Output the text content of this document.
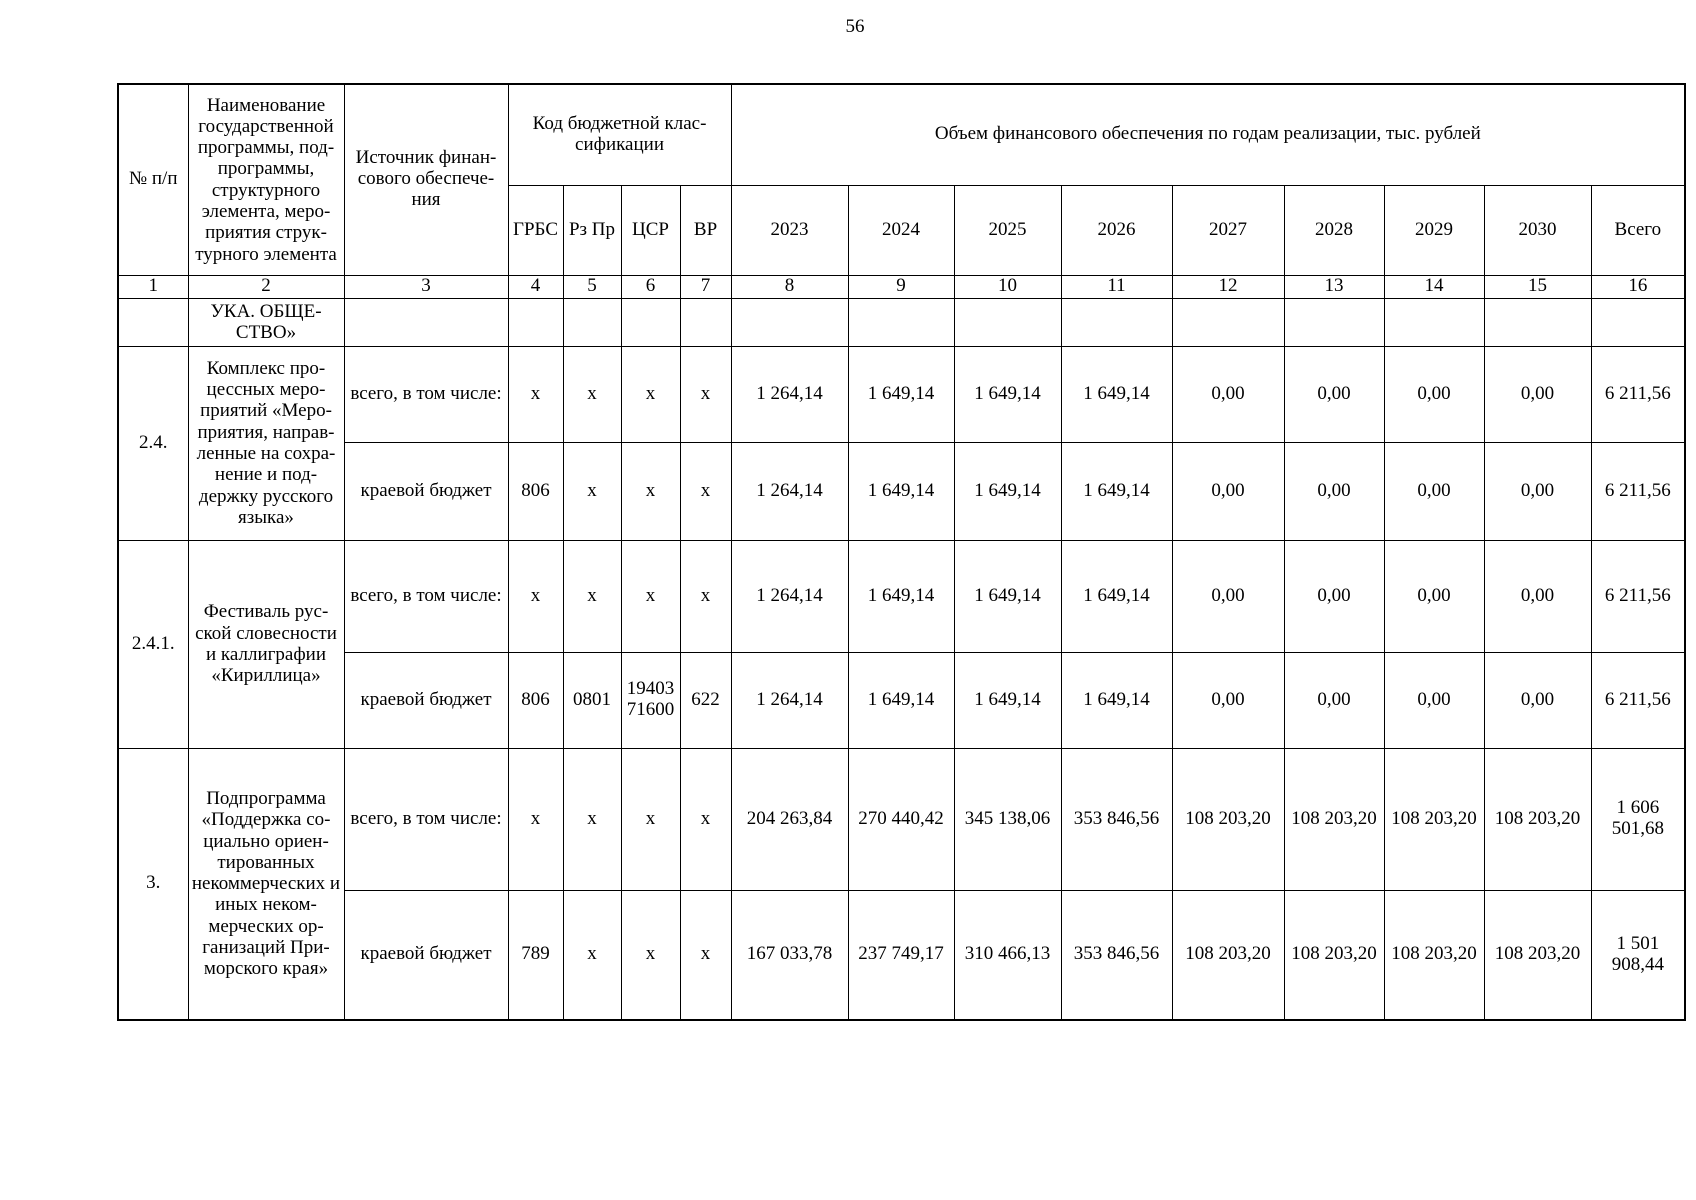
56
№ п/п	Наименование государственной программы, под-программы, структурного элемента, меро-приятия струк-турного элемента	Источник финан-сового обеспече-ния	Код бюджетной клас-сификации				Объем финансового обеспечения по годам реализации, тыс. рублей								
			ГРБС	Рз Пр	ЦСР	ВР	2023	2024	2025	2026	2027	2028	2029	2030	Всего
1	2	3	4	5	6	7	8	9	10	11	12	13	14	15	16
	УКА. ОБЩЕ-СТВО»														
2.4.	Комплекс про-цессных меро-приятий «Меро-приятия, направ-ленные на сохра-нение и под-держку русского языка»	всего, в том числе:	x	x	x	x	1 264,14	1 649,14	1 649,14	1 649,14	0,00	0,00	0,00	0,00	6 211,56
		краевой бюджет	806	x	x	x	1 264,14	1 649,14	1 649,14	1 649,14	0,00	0,00	0,00	0,00	6 211,56
2.4.1.	Фестиваль рус-ской словесности и каллиграфии «Кириллица»	всего, в том числе:	x	x	x	x	1 264,14	1 649,14	1 649,14	1 649,14	0,00	0,00	0,00	0,00	6 211,56
		краевой бюджет	806	0801	19403 71600	622	1 264,14	1 649,14	1 649,14	1 649,14	0,00	0,00	0,00	0,00	6 211,56
3.	Подпрограмма «Поддержка со-циально ориен-тированных некоммерческих и иных неком-мерческих ор-ганизаций При-морского края»	всего, в том числе:	x	x	x	x	204 263,84	270 440,42	345 138,06	353 846,56	108 203,20	108 203,20	108 203,20	108 203,20	1 606 501,68
		краевой бюджет	789	x	x	x	167 033,78	237 749,17	310 466,13	353 846,56	108 203,20	108 203,20	108 203,20	108 203,20	1 501 908,44
